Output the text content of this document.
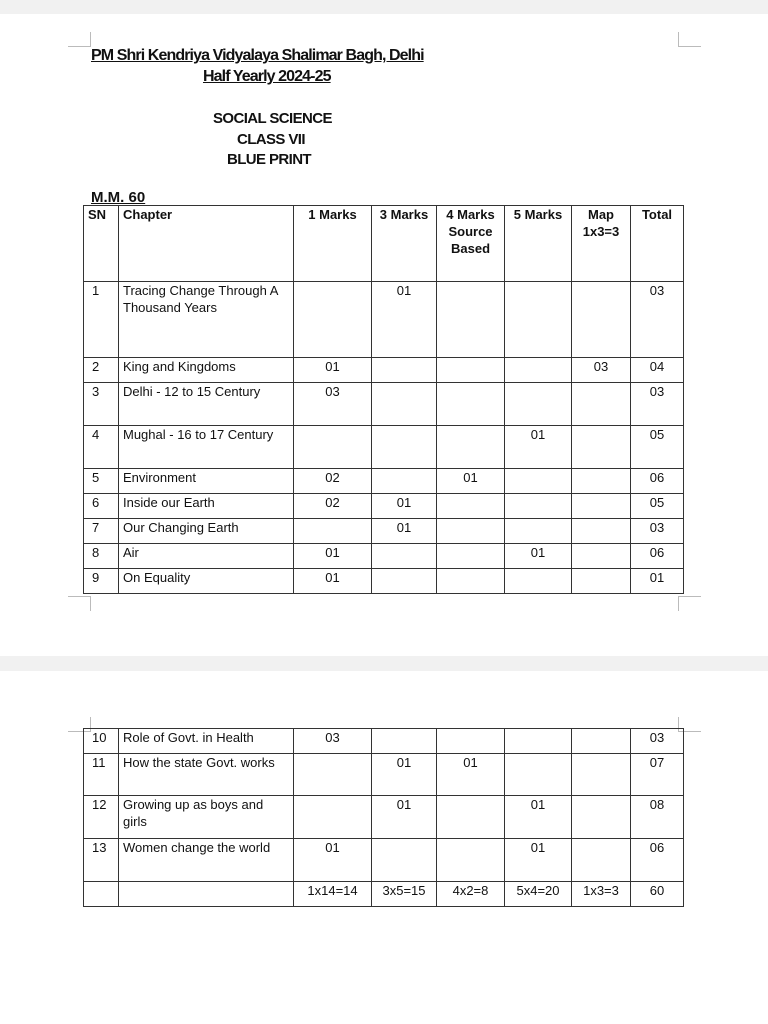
PM Shri Kendriya Vidyalaya Shalimar Bagh, Delhi
Half Yearly 2024-25
SOCIAL SCIENCE
CLASS VII
BLUE PRINT
M.M. 60
SN	Chapter	1 Marks	3 Marks	4 Marks Source Based	5 Marks	Map 1x3=3	Total
1	Tracing Change Through A Thousand Years		01				03
2	King and Kingdoms	01				03	04
3	Delhi - 12 to 15 Century	03					03
4	Mughal - 16 to 17 Century				01		05
5	Environment	02		01			06
6	Inside our Earth	02	01				05
7	Our Changing Earth		01				03
8	Air	01			01		06
9	On Equality	01					01
10	Role of Govt. in Health	03					03
11	How the state Govt. works		01	01			07
12	Growing up as boys and girls		01		01		08
13	Women change the world	01			01		06
		1x14=14	3x5=15	4x2=8	5x4=20	1x3=3	60
